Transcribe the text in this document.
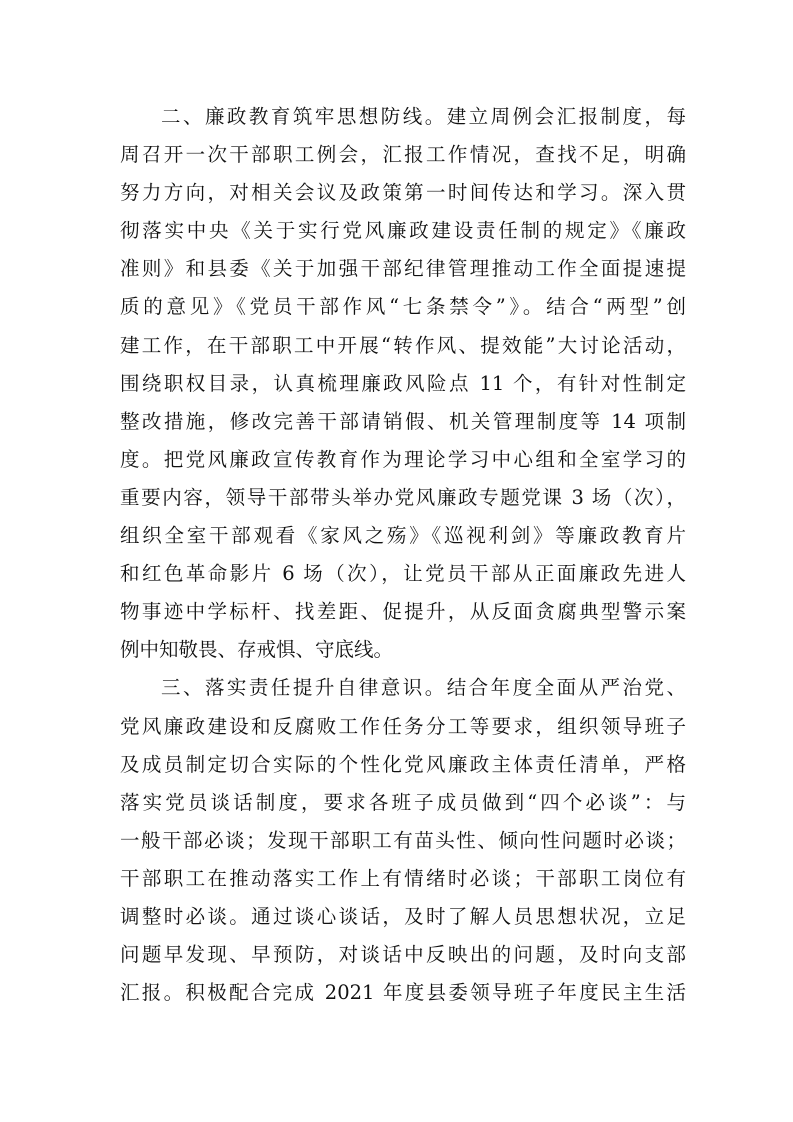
二、廉政教育筑牢思想防线。建立周例会汇报制度，每
周召开一次干部职工例会，汇报工作情况，查找不足，明确
努力方向，对相关会议及政策第一时间传达和学习。深入贯
彻落实中央《关于实行党风廉政建设责任制的规定》《廉政
准则》和县委《关于加强干部纪律管理推动工作全面提速提
质的意见》《党员干部作风“七条禁令”》。结合“两型”创
建工作，在干部职工中开展“转作风、提效能”大讨论活动，
围绕职权目录，认真梳理廉政风险点 11 个，有针对性制定
整改措施，修改完善干部请销假、机关管理制度等 14 项制
度。把党风廉政宣传教育作为理论学习中心组和全室学习的
重要内容，领导干部带头举办党风廉政专题党课 3 场（次），
组织全室干部观看《家风之殇》《巡视利剑》等廉政教育片
和红色革命影片 6 场（次），让党员干部从正面廉政先进人
物事迹中学标杆、找差距、促提升，从反面贪腐典型警示案
例中知敬畏、存戒惧、守底线。
三、落实责任提升自律意识。结合年度全面从严治党、
党风廉政建设和反腐败工作任务分工等要求，组织领导班子
及成员制定切合实际的个性化党风廉政主体责任清单，严格
落实党员谈话制度，要求各班子成员做到“四个必谈”：与
一般干部必谈；发现干部职工有苗头性、倾向性问题时必谈；
干部职工在推动落实工作上有情绪时必谈；干部职工岗位有
调整时必谈。通过谈心谈话，及时了解人员思想状况，立足
问题早发现、早预防，对谈话中反映出的问题，及时向支部
汇报。积极配合完成 2021 年度县委领导班子年度民主生活
